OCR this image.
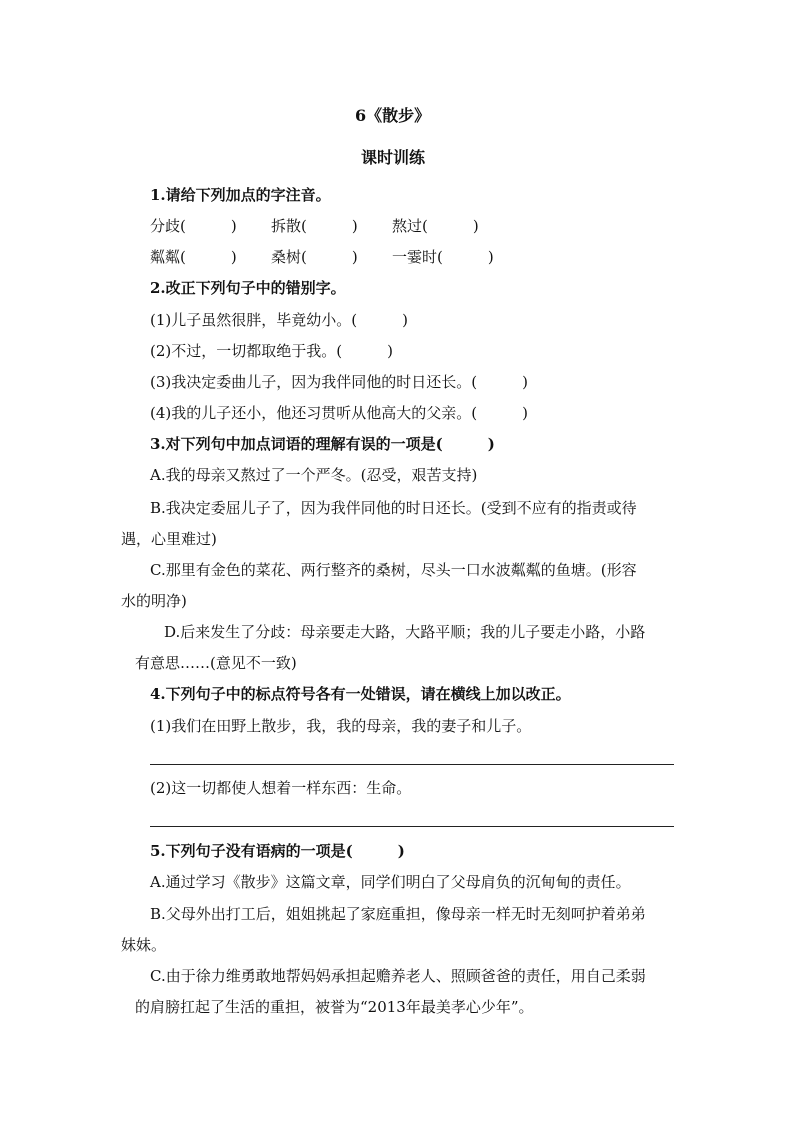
6《散步》
课时训练
1.请给下列加点的字注音。
分歧(　　　) 拆散(　　　) 熬过(　　　)
粼粼(　　　) 桑树(　　　) 一霎时(　　　)
2.改正下列句子中的错别字。
(1)儿子虽然很胖，毕竟幼小。(　　　)
(2)不过，一切都取绝于我。(　　　)
(3)我决定委曲儿子，因为我伴同他的时日还长。(　　　)
(4)我的儿子还小，他还习贯听从他高大的父亲。(　　　)
3.对下列句中加点词语的理解有误的一项是(　　　)
A.我的母亲又熬过了一个严冬。(忍受，艰苦支持)
B.我决定委屈儿子了，因为我伴同他的时日还长。(受到不应有的指责或待
遇，心里难过)
C.那里有金色的菜花、两行整齐的桑树，尽头一口水波粼粼的鱼塘。(形容
水的明净)
D.后来发生了分歧：母亲要走大路，大路平顺；我的儿子要走小路，小路
有意思……(意见不一致)
4.下列句子中的标点符号各有一处错误，请在横线上加以改正。
(1)我们在田野上散步，我，我的母亲，我的妻子和儿子。
(2)这一切都使人想着一样东西：生命。
5.下列句子没有语病的一项是(　　　)
A.通过学习《散步》这篇文章，同学们明白了父母肩负的沉甸甸的责任。
B.父母外出打工后，姐姐挑起了家庭重担，像母亲一样无时无刻呵护着弟弟
妹妹。
C.由于徐力维勇敢地帮妈妈承担起赡养老人、照顾爸爸的责任，用自己柔弱
的肩膀扛起了生活的重担，被誉为“2013年最美孝心少年”。
